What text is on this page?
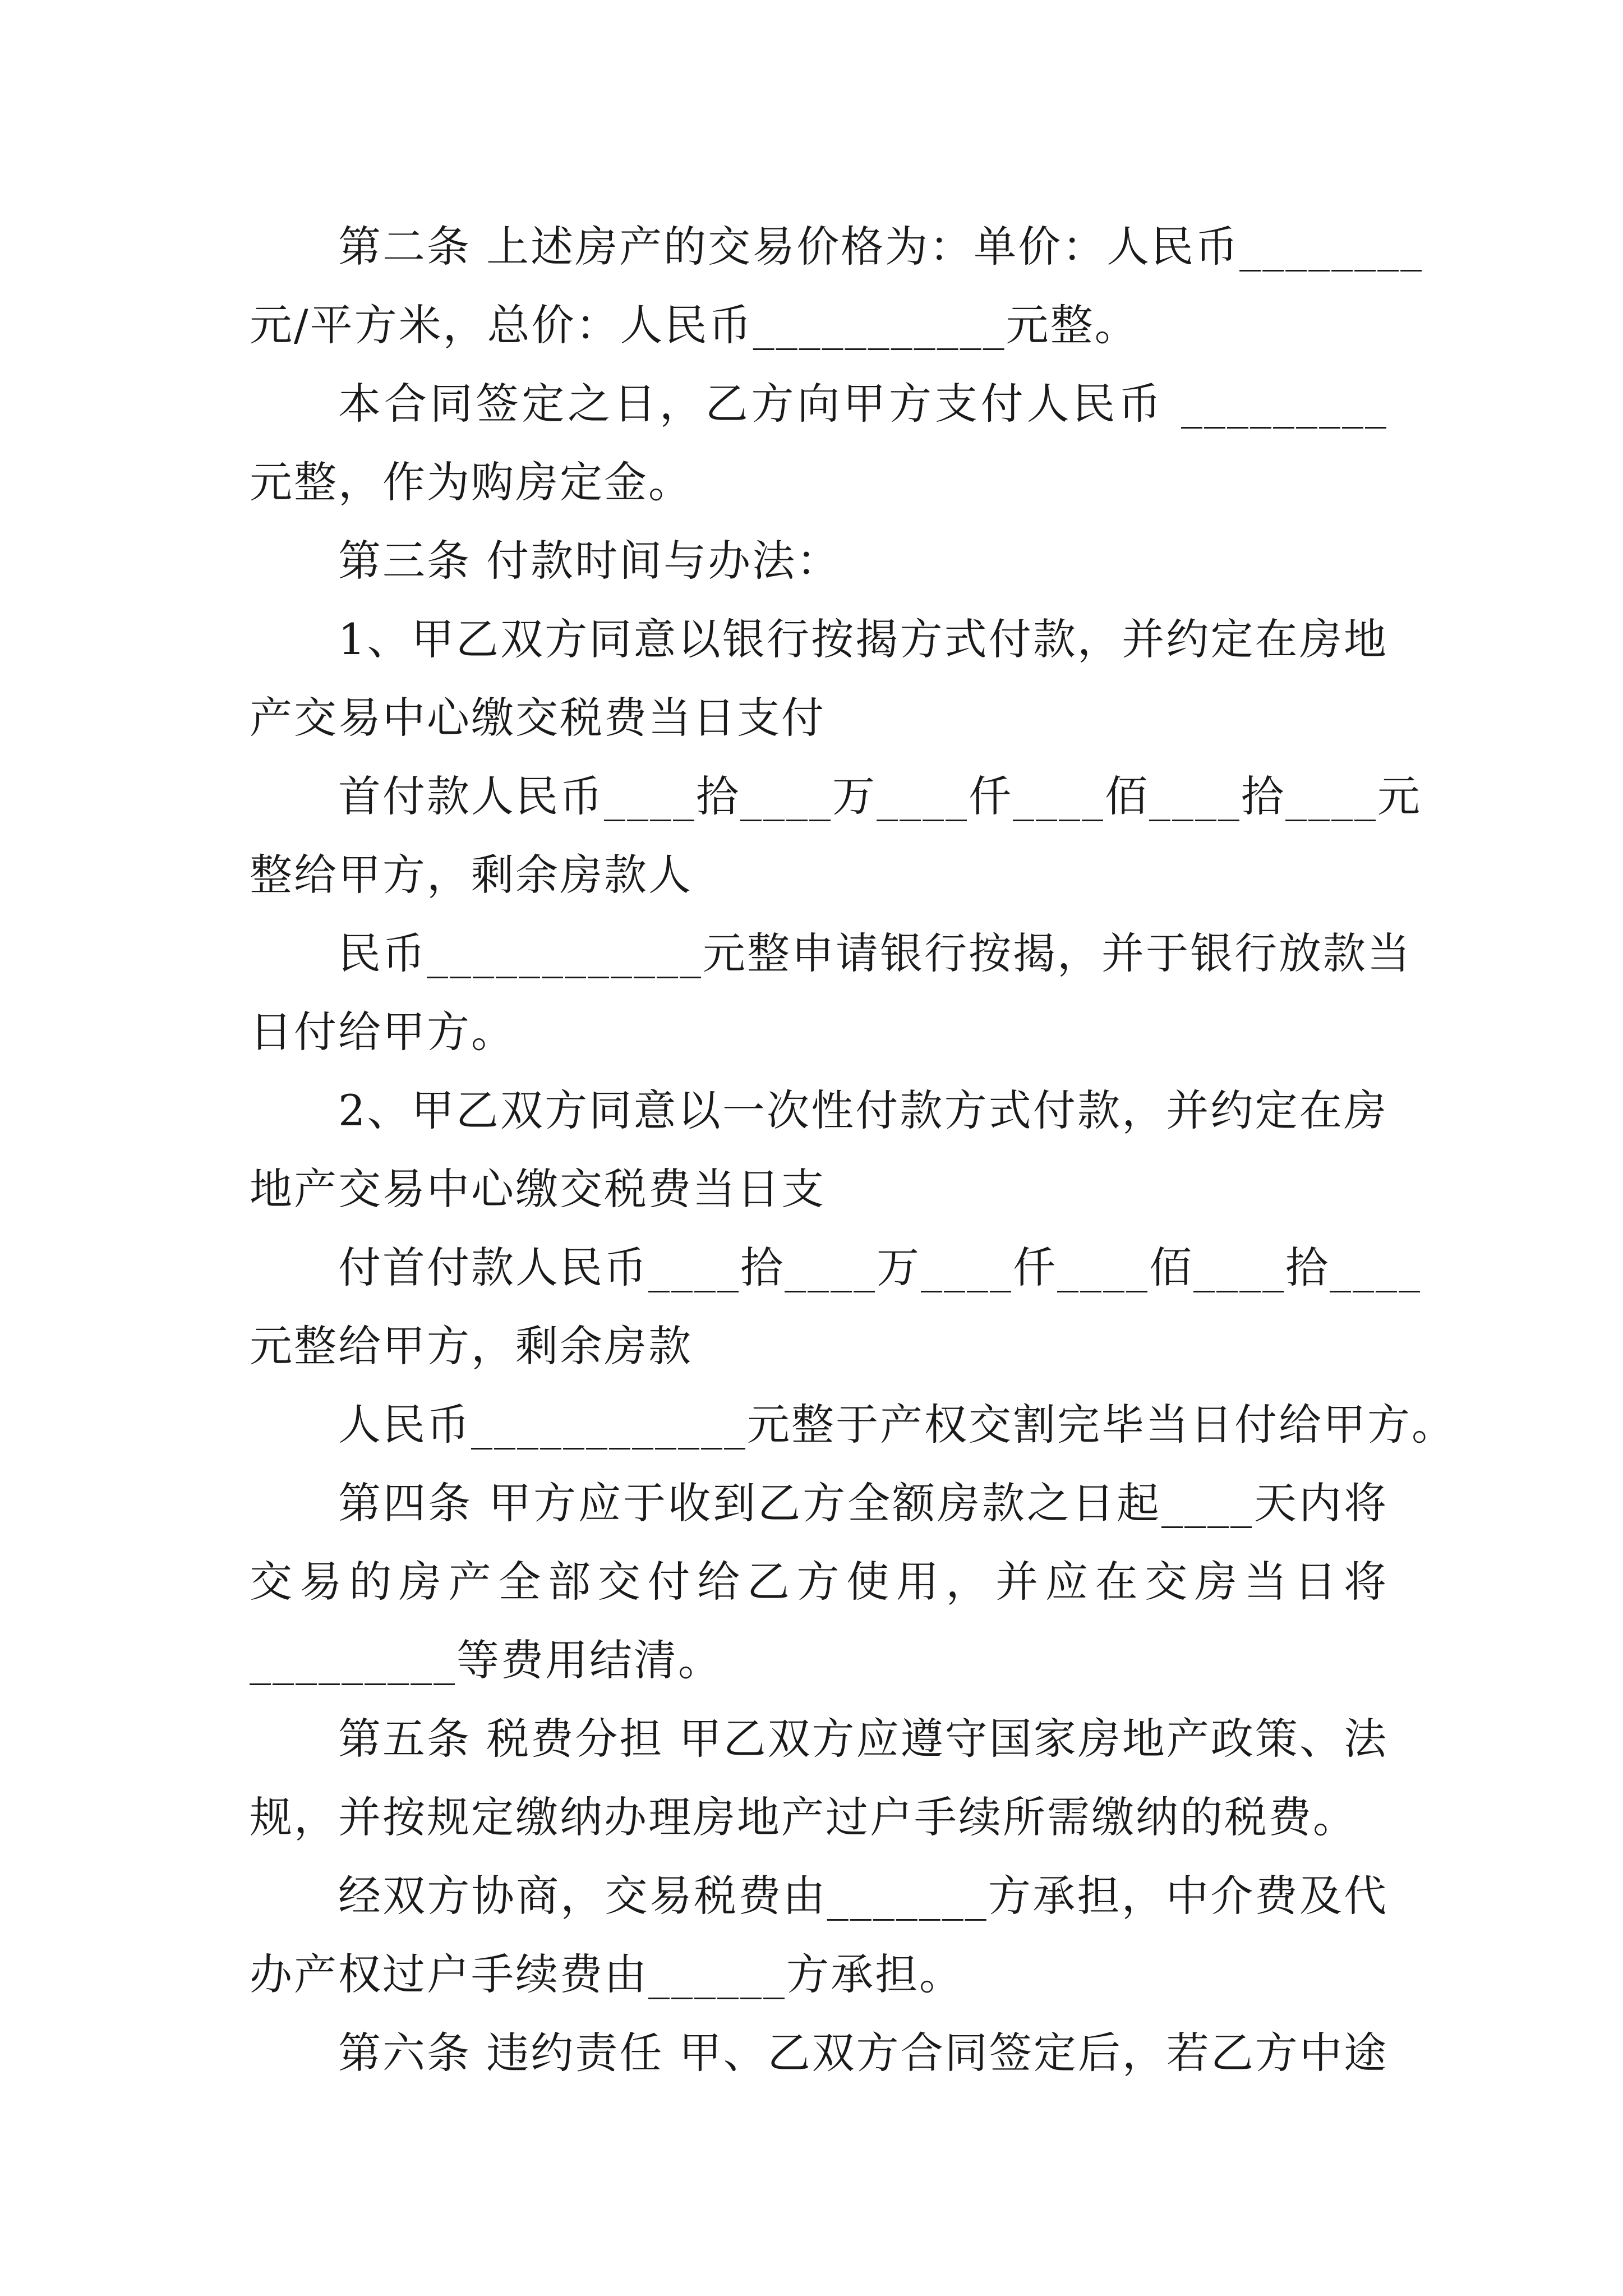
第二条 上述房产的交易价格为：单价：人民币________
元/平方米，总价：人民币___________元整。
本合同签定之日，乙方向甲方支付人民币 _________
元整，作为购房定金。
第三条 付款时间与办法：
1、甲乙双方同意以银行按揭方式付款，并约定在房地
产交易中心缴交税费当日支付
首付款人民币____拾____万____仟____佰____拾____元
整给甲方，剩余房款人
民币____________元整申请银行按揭，并于银行放款当
日付给甲方。
2、甲乙双方同意以一次性付款方式付款，并约定在房
地产交易中心缴交税费当日支
付首付款人民币____拾____万____仟____佰____拾____
元整给甲方，剩余房款
人民币____________元整于产权交割完毕当日付给甲方。
第四条 甲方应于收到乙方全额房款之日起____天内将
交易的房产全部交付给乙方使用，并应在交房当日将
_________等费用结清。
第五条 税费分担 甲乙双方应遵守国家房地产政策、法
规，并按规定缴纳办理房地产过户手续所需缴纳的税费。
经双方协商，交易税费由_______方承担，中介费及代
办产权过户手续费由______方承担。
第六条 违约责任 甲、乙双方合同签定后，若乙方中途
